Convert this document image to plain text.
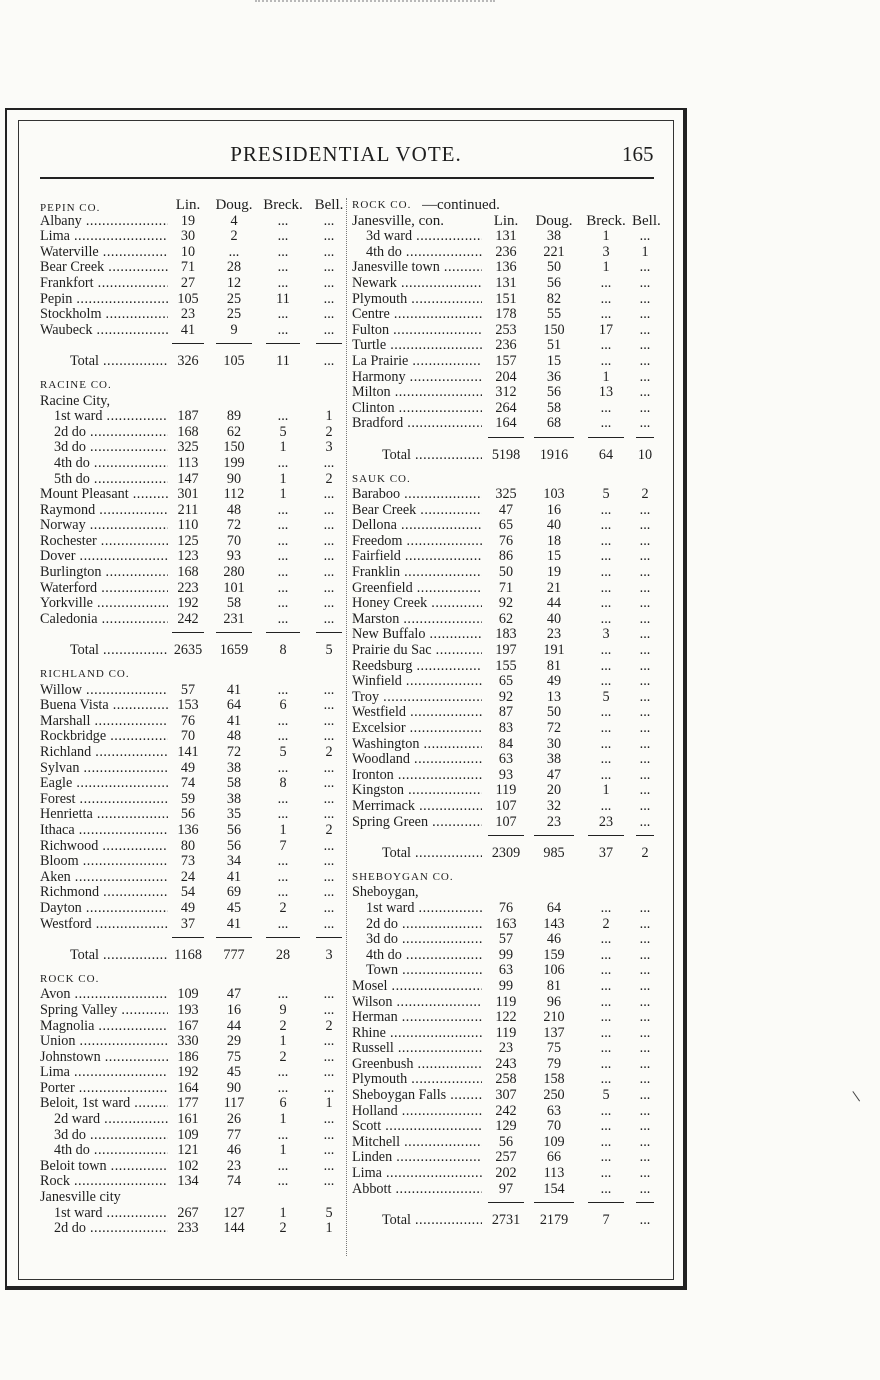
PRESIDENTIAL VOTE.	165
Lin.	Doug. Breck. Bell.
PEPIN CO.
Albany .....	19	4	...	...
Lima .....	30	2	...	...
Waterville .....	10	...	...	...
Bear Creek .....	71	28	...	...
Frankfort .....	27	12	...	...
Pepin .....	105	25	11	...
Stockholm .....	23	25	...	...
Waubeck .....	41	9	...	...
Total .....	326	105	11	...
RACINE CO.
Racine City,
1st ward .....	187	89	...	1
2d do .....	168	62	5	2
3d do .....	325	150	1	3
4th do .....	113	199	...	...
5th do .....	147	90	1	2
Mount Pleasant .....	301	112	1	...
Raymond .....	211	48	...	...
Norway .....	110	72	...	...
Rochester .....	125	70	...	...
Dover .....	123	93	...	...
Burlington .....	168	280	...	...
Waterford .....	223	101	...	...
Yorkville .....	192	58	...	...
Caledonia .....	242	231	...	...
Total .....	2635	1659	8	5
RICHLAND CO.
Willow .....	57	41	...	...
Buena Vista .....	153	64	6	...
Marshall .....	76	41	...	...
Rockbridge .....	70	48	...	...
Richland .....	141	72	5	2
Sylvan .....	49	38	...	...
Eagle .....	74	58	8	...
Forest .....	59	38	...	...
Henrietta .....	56	35	...	...
Ithaca .....	136	56	1	2
Richwood .....	80	56	7	...
Bloom .....	73	34	...	...
Aken .....	24	41	...	...
Richmond .....	54	69	...	...
Dayton .....	49	45	2	...
Westford .....	37	41	...	...
Total .....	1168	777	28	3
ROCK CO.
Avon .....	109	47	...	...
Spring Valley .....	193	16	9	...
Magnolia .....	167	44	2	2
Union .....	330	29	1	...
Johnstown .....	186	75	2	...
Lima .....	192	45	...	...
Porter .....	164	90	...	...
Beloit, 1st ward .....	177	117	6	1
2d ward .....	161	26	1	...
3d do .....	109	77	...	...
4th do .....	121	46	1	...
Beloit town .....	102	23	...	...
Rock .....	134	74	...	...
Janesville city
1st ward .....	267	127	1	5
2d do .....	233	144	2	1
ROCK CO. —continued.
Janesville, con.	Lin.	Doug. Breck. Bell.
3d ward .....	131	38	1	...
4th do .....	236	221	3	1
Janesville town .....	136	50	1	...
Newark .....	131	56	...	...
Plymouth .....	151	82	...	...
Centre .....	178	55	...	...
Fulton .....	253	150	17	...
Turtle .....	236	51	...	...
La Prairie .....	157	15	...	...
Harmony .....	204	36	1	...
Milton .....	312	56	13	...
Clinton .....	264	58	...	...
Bradford .....	164	68	...	...
Total .....	5198	1916	64	10
SAUK CO.
Baraboo .....	325	103	5	2
Bear Creek .....	47	16	...	...
Dellona .....	65	40	...	...
Freedom .....	76	18	...	...
Fairfield .....	86	15	...	...
Franklin .....	50	19	...	...
Greenfield .....	71	21	...	...
Honey Creek .....	92	44	...	...
Marston .....	62	40	...	...
New Buffalo .....	183	23	3	...
Prairie du Sac .....	197	191	...	...
Reedsburg .....	155	81	...	...
Winfield .....	65	49	...	...
Troy .....	92	13	5	...
Westfield .....	87	50	...	...
Excelsior .....	83	72	...	...
Washington .....	84	30	...	...
Woodland .....	63	38	...	...
Ironton .....	93	47	...	...
Kingston .....	119	20	1	...
Merrimack .....	107	32	...	...
Spring Green .....	107	23	23	...
Total .....	2309	985	37	2
SHEBOYGAN CO.
Sheboygan,
1st ward .....	76	64	...	...
2d do .....	163	143	2	...
3d do .....	57	46	...	...
4th do .....	99	159	...	...
Town .....	63	106	...	...
Mosel .....	99	81	...	...
Wilson .....	119	96	...	...
Herman .....	122	210	...	...
Rhine .....	119	137	...	...
Russell .....	23	75	...	...
Greenbush .....	243	79	...	...
Plymouth .....	258	158	...	...
Sheboygan Falls .....	307	250	5	...
Holland .....	242	63	...	...
Scott .....	129	70	...	...
Mitchell .....	56	109	...	...
Linden .....	257	66	...	...
Lima .....	202	113	...	...
Abbott .....	97	154	...	...
Total .....	2731	2179	7	...
